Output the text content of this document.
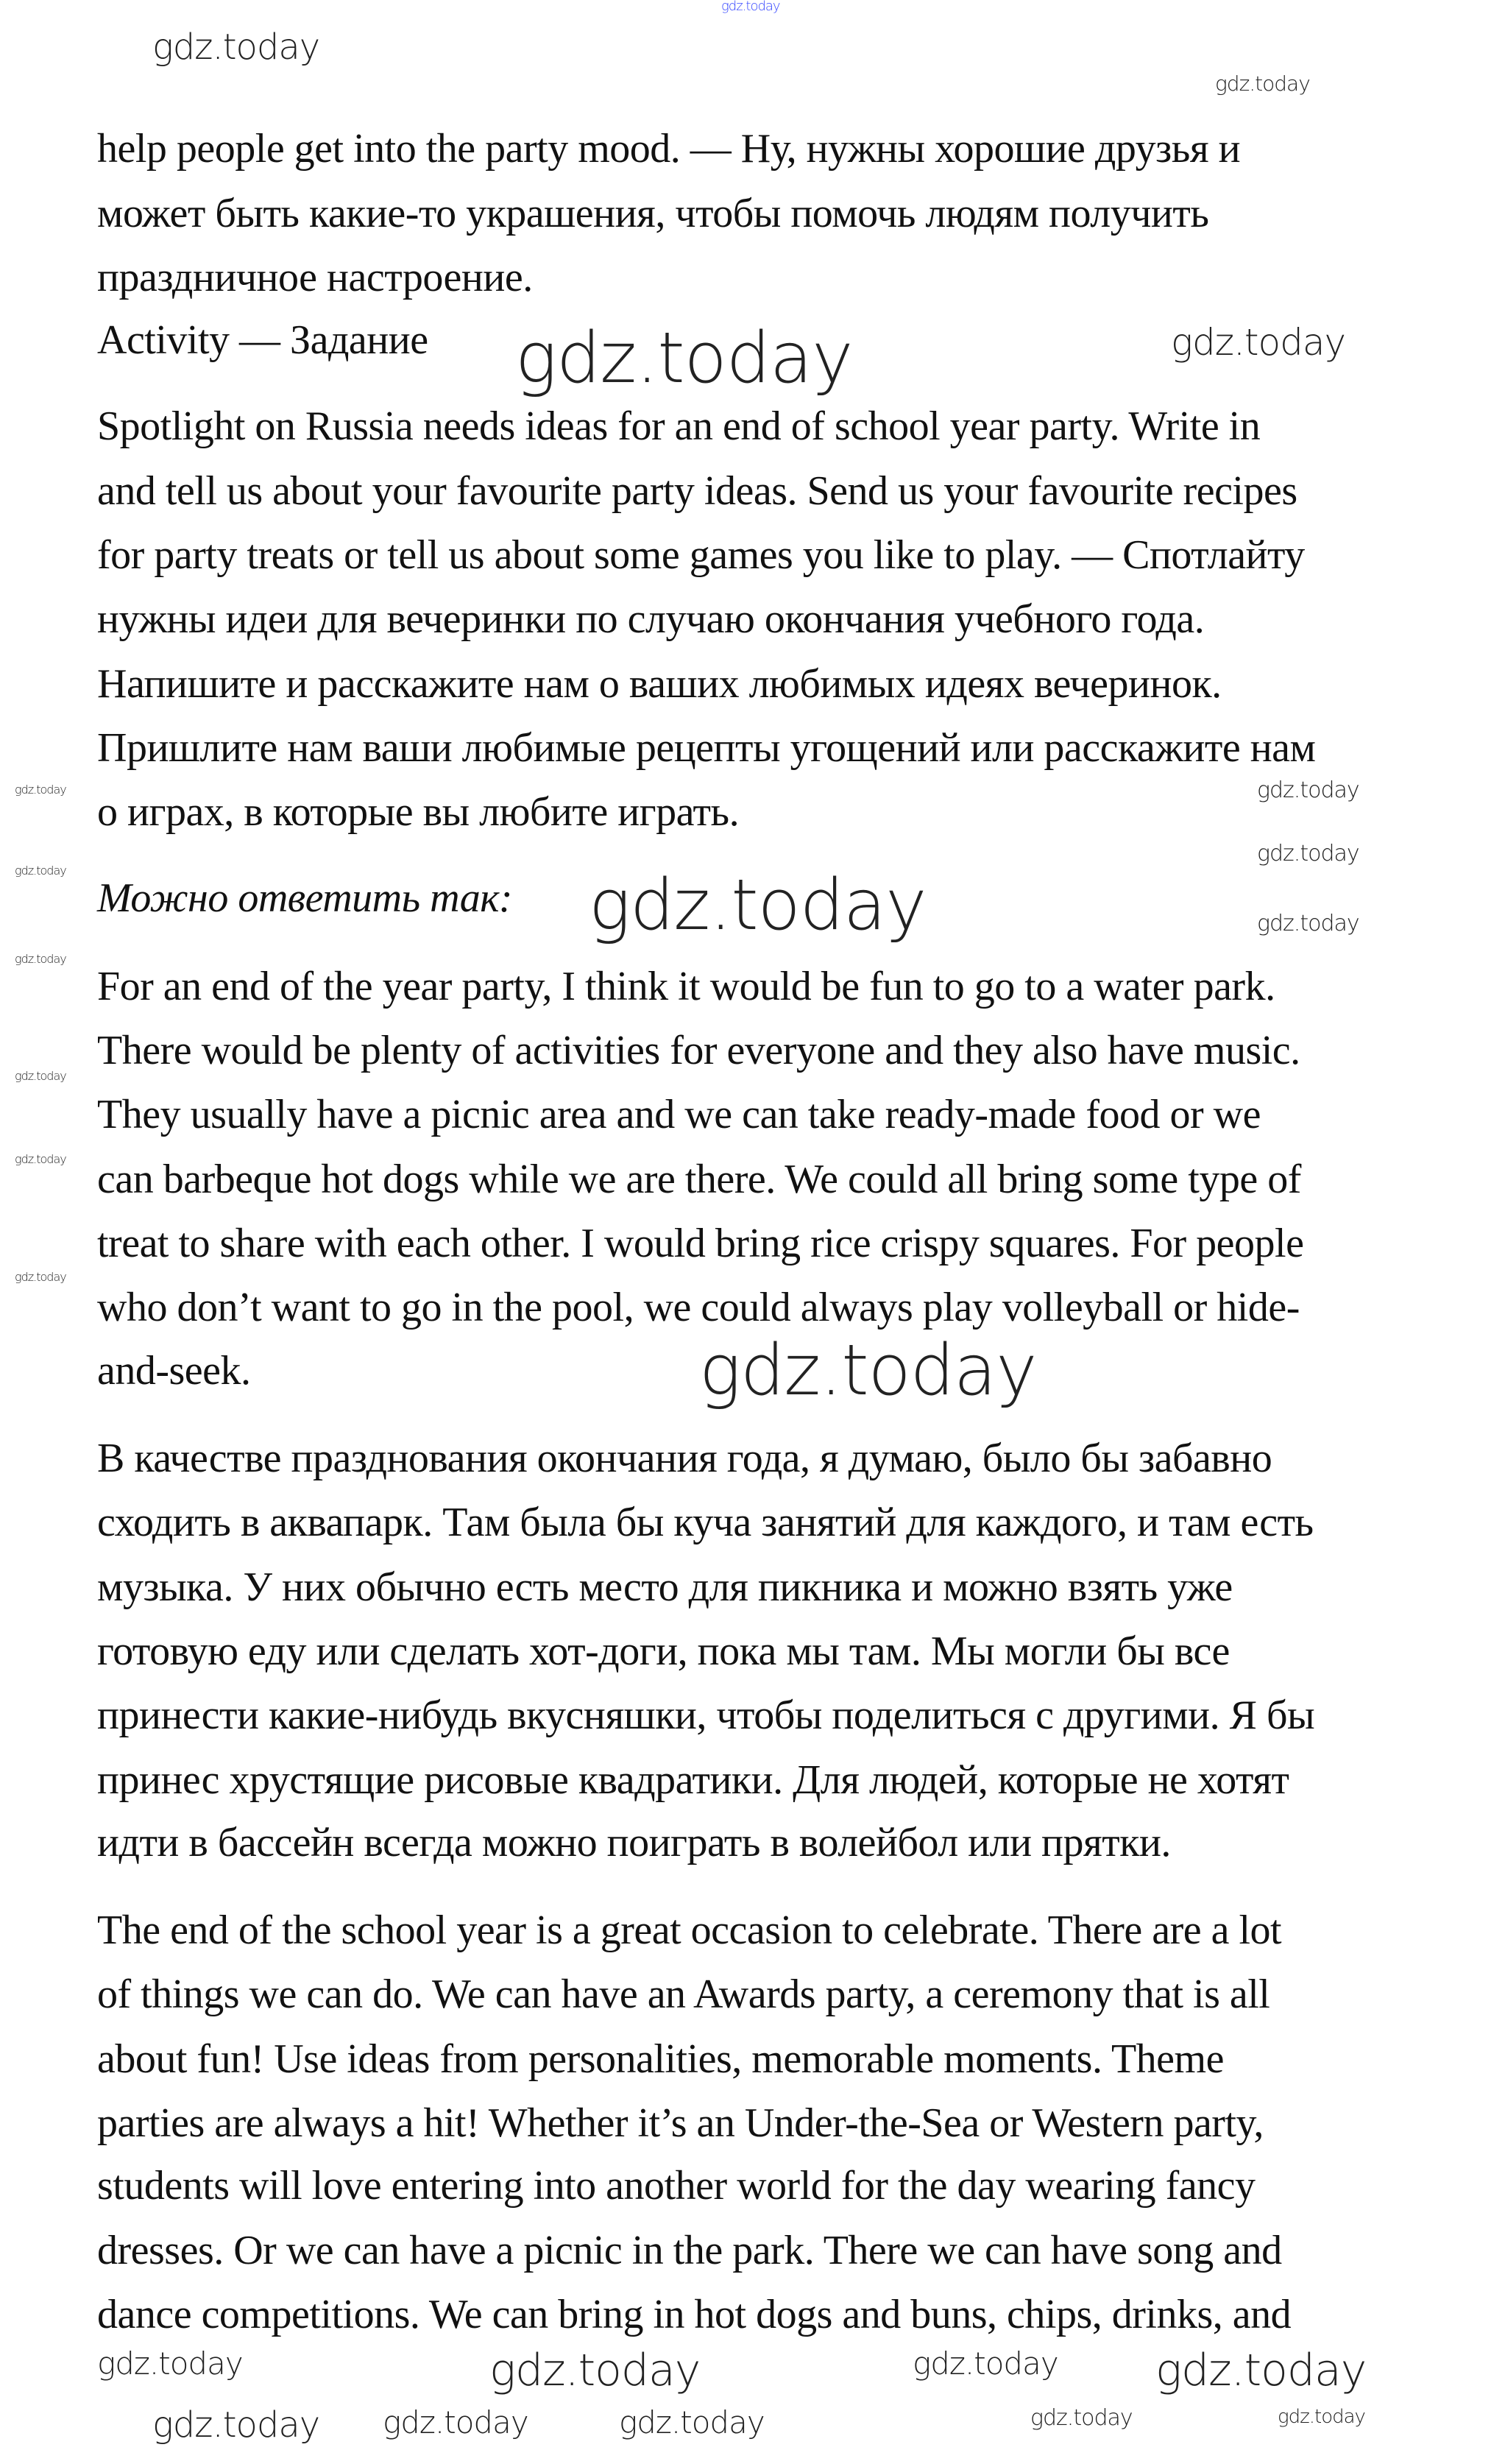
help people get into the party mood. — Ну, нужны хорошие друзья и
может быть какие-то украшения, чтобы помочь людям получить
праздничное настроение.
Activity — Задание
Spotlight on Russia needs ideas for an end of school year party. Write in
and tell us about your favourite party ideas. Send us your favourite recipes
for party treats or tell us about some games you like to play. — Спотлайту
нужны идеи для вечеринки по случаю окончания учебного года.
Напишите и расскажите нам о ваших любимых идеях вечеринок.
Пришлите нам ваши любимые рецепты угощений или расскажите нам
о играх, в которые вы любите играть.
Можно ответить так:
For an end of the year party, I think it would be fun to go to a water park.
There would be plenty of activities for everyone and they also have music.
They usually have a picnic area and we can take ready-made food or we
can barbeque hot dogs while we are there. We could all bring some type of
treat to share with each other. I would bring rice crispy squares. For people
who don’t want to go in the pool, we could always play volleyball or hide-
and-seek.
В качестве празднования окончания года, я думаю, было бы забавно
сходить в аквапарк. Там была бы куча занятий для каждого, и там есть
музыка. У них обычно есть место для пикника и можно взять уже
готовую еду или сделать хот-доги, пока мы там. Мы могли бы все
принести какие-нибудь вкусняшки, чтобы поделиться с другими. Я бы
принес хрустящие рисовые квадратики. Для людей, которые не хотят
идти в бассейн всегда можно поиграть в волейбол или прятки.
The end of the school year is a great occasion to celebrate. There are a lot
of things we can do. We can have an Awards party, a ceremony that is all
about fun! Use ideas from personalities, memorable moments. Theme
parties are always a hit! Whether it’s an Under-the-Sea or Western party,
students will love entering into another world for the day wearing fancy
dresses. Or we can have a picnic in the park. There we can have song and
dance competitions. We can bring in hot dogs and buns, chips, drinks, and
gdz.today
gdz.today
gdz.today
gdz.today	gdz.today
gdz.today
gdz.today	gdz.today
gdz.today	gdz.today	gdz.today
gdz.today
gdz.today
gdz.today
gdz.today
gdz.today
gdz.today	gdz.today	gdz.today gdz.today
gdz.today gdz.today	gdz.today	gdz.today	gdz.today
